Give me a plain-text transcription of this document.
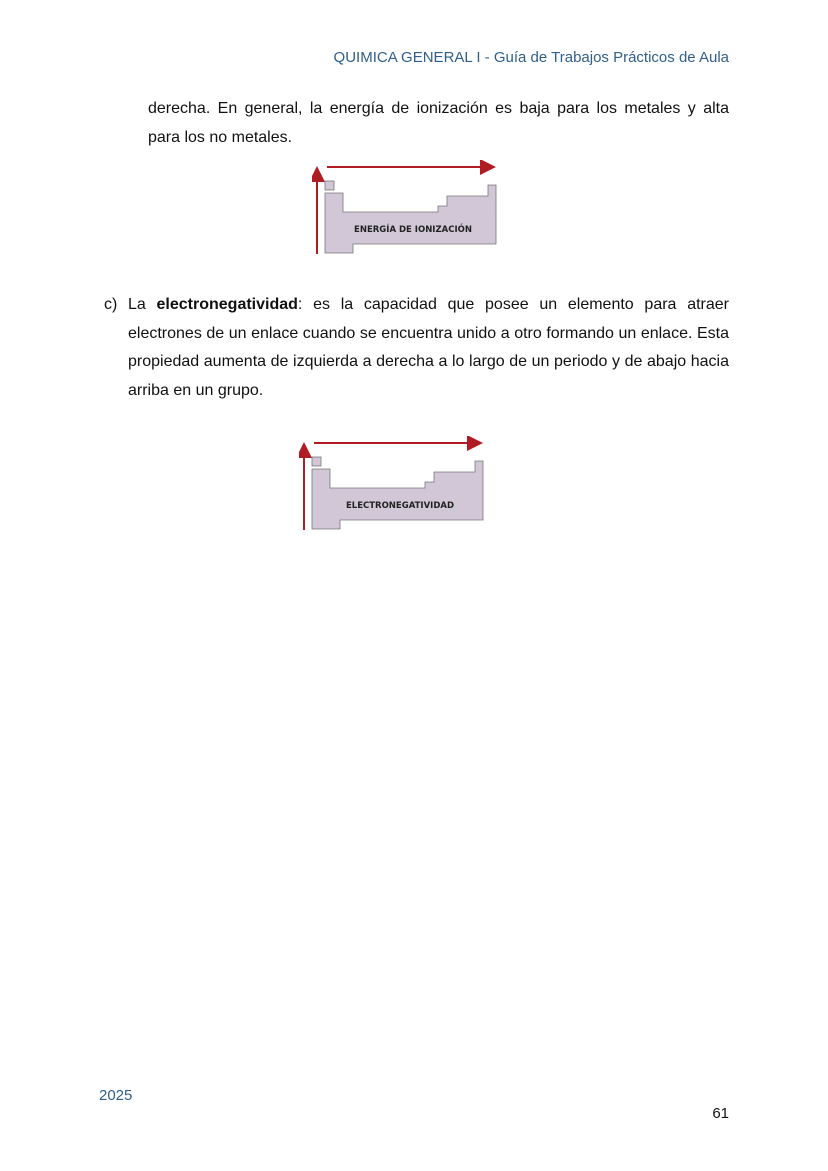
QUIMICA GENERAL I - Guía de Trabajos Prácticos de Aula
derecha. En general, la energía de ionización es baja para los metales y alta
para los no metales.
ENERGÍA DE IONIZACIÓN
c) La electronegatividad: es la capacidad que posee un elemento para atraer electrones de un enlace cuando se encuentra unido a otro formando un enlace. Esta propiedad aumenta de izquierda a derecha a lo largo de un periodo y de abajo hacia arriba en un grupo.
ELECTRONEGATIVIDAD
2025
61
